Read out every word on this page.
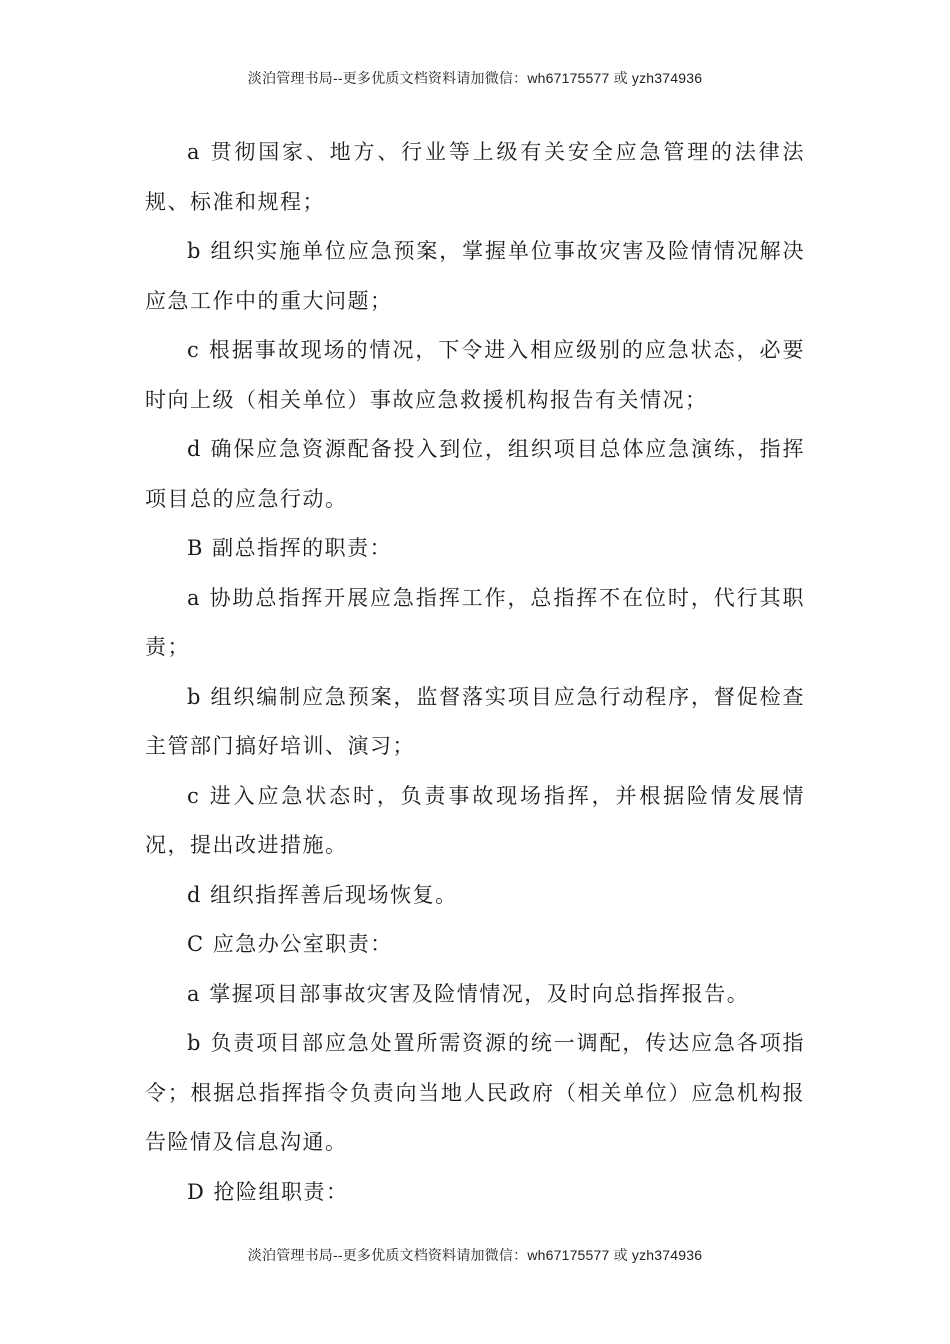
淡泊管理书局--更多优质文档资料请加微信：wh67175577 或 yzh374936

a 贯彻国家、地方、行业等上级有关安全应急管理的法律法规、标准和规程；

b 组织实施单位应急预案，掌握单位事故灾害及险情情况解决应急工作中的重大问题；

c 根据事故现场的情况，下令进入相应级别的应急状态，必要时向上级（相关单位）事故应急救援机构报告有关情况；

d 确保应急资源配备投入到位，组织项目总体应急演练，指挥项目总的应急行动。

B 副总指挥的职责：

a 协助总指挥开展应急指挥工作，总指挥不在位时，代行其职责；

b 组织编制应急预案，监督落实项目应急行动程序，督促检查主管部门搞好培训、演习；

c 进入应急状态时，负责事故现场指挥，并根据险情发展情况，提出改进措施。

d 组织指挥善后现场恢复。

C 应急办公室职责：

a 掌握项目部事故灾害及险情情况，及时向总指挥报告。

b 负责项目部应急处置所需资源的统一调配，传达应急各项指令；根据总指挥指令负责向当地人民政府（相关单位）应急机构报告险情及信息沟通。

D 抢险组职责：

淡泊管理书局--更多优质文档资料请加微信：wh67175577 或 yzh374936
